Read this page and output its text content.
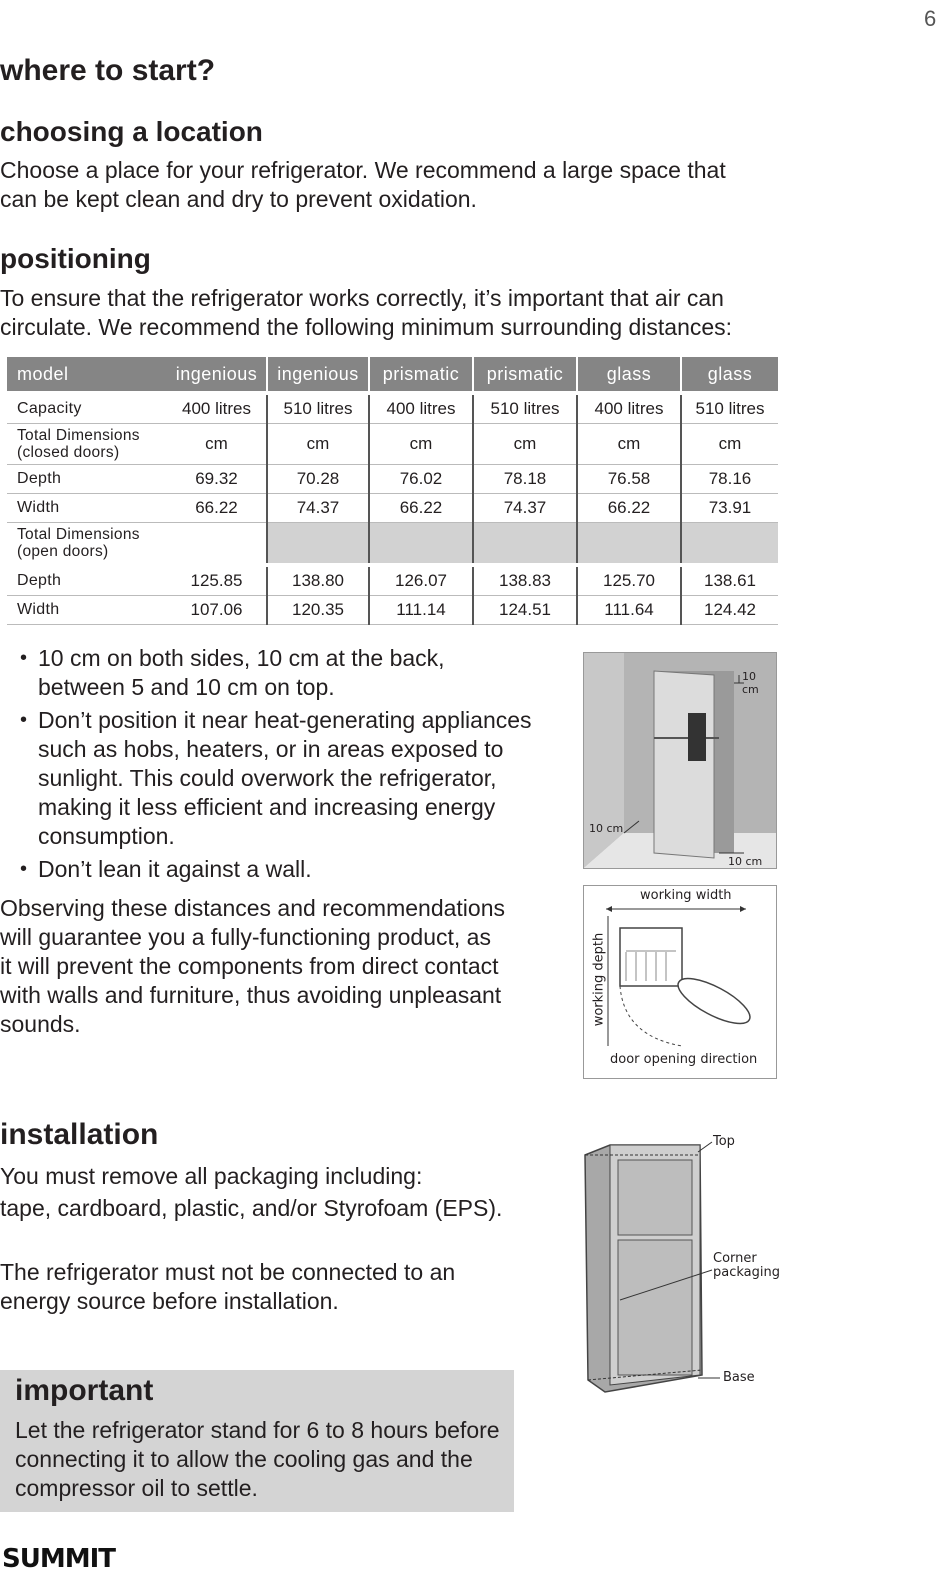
6
where to start?
choosing a location

Choose a place for your refrigerator. We recommend a large space that

can be kept clean and dry to prevent oxidation.

positioning

To ensure that the refrigerator works correctly, it’s important that air can

circulate. We recommend the following minimum surrounding distances:

model	ingenious	ingenious	prismatic	prismatic	glass	glass
Capacity	400 litres	510 litres	400 litres	510 litres	400 litres	510 litres
Total Dimensions
(closed doors)	cm	cm	cm	cm	cm	cm
Depth	69.32	70.28	76.02	78.18	76.58	78.16
Width	66.22	74.37	66.22	74.37	66.22	73.91
Total Dimensions
(open doors)						
Depth	125.85	138.80	126.07	138.83	125.70	138.61
Width	107.06	120.35	111.14	124.51	111.64	124.42
• 10 cm on both sides, 10 cm at the back,
between 5 and 10 cm on top.
• Don’t position it near heat-generating appliances
such as hobs, heaters, or in areas exposed to
sunlight. This could overwork the refrigerator,
making it less efficient and increasing energy
consumption.
• Don’t lean it against a wall.

Observing these distances and recommendations

will guarantee you a fully-functioning product, as

it will prevent the components from direct contact

with walls and furniture, thus avoiding unpleasant

sounds.

10 cm
10 cm
10 cm
working width
working depth
door opening direction
installation

You must remove all packaging including:

tape, cardboard, plastic, and/or Styrofoam (EPS).

The refrigerator must not be connected to an

energy source before installation.

Top
Corner
packaging
Base
important

Let the refrigerator stand for 6 to 8 hours before
connecting it to allow the cooling gas and the
compressor oil to settle.

SUMMIT
